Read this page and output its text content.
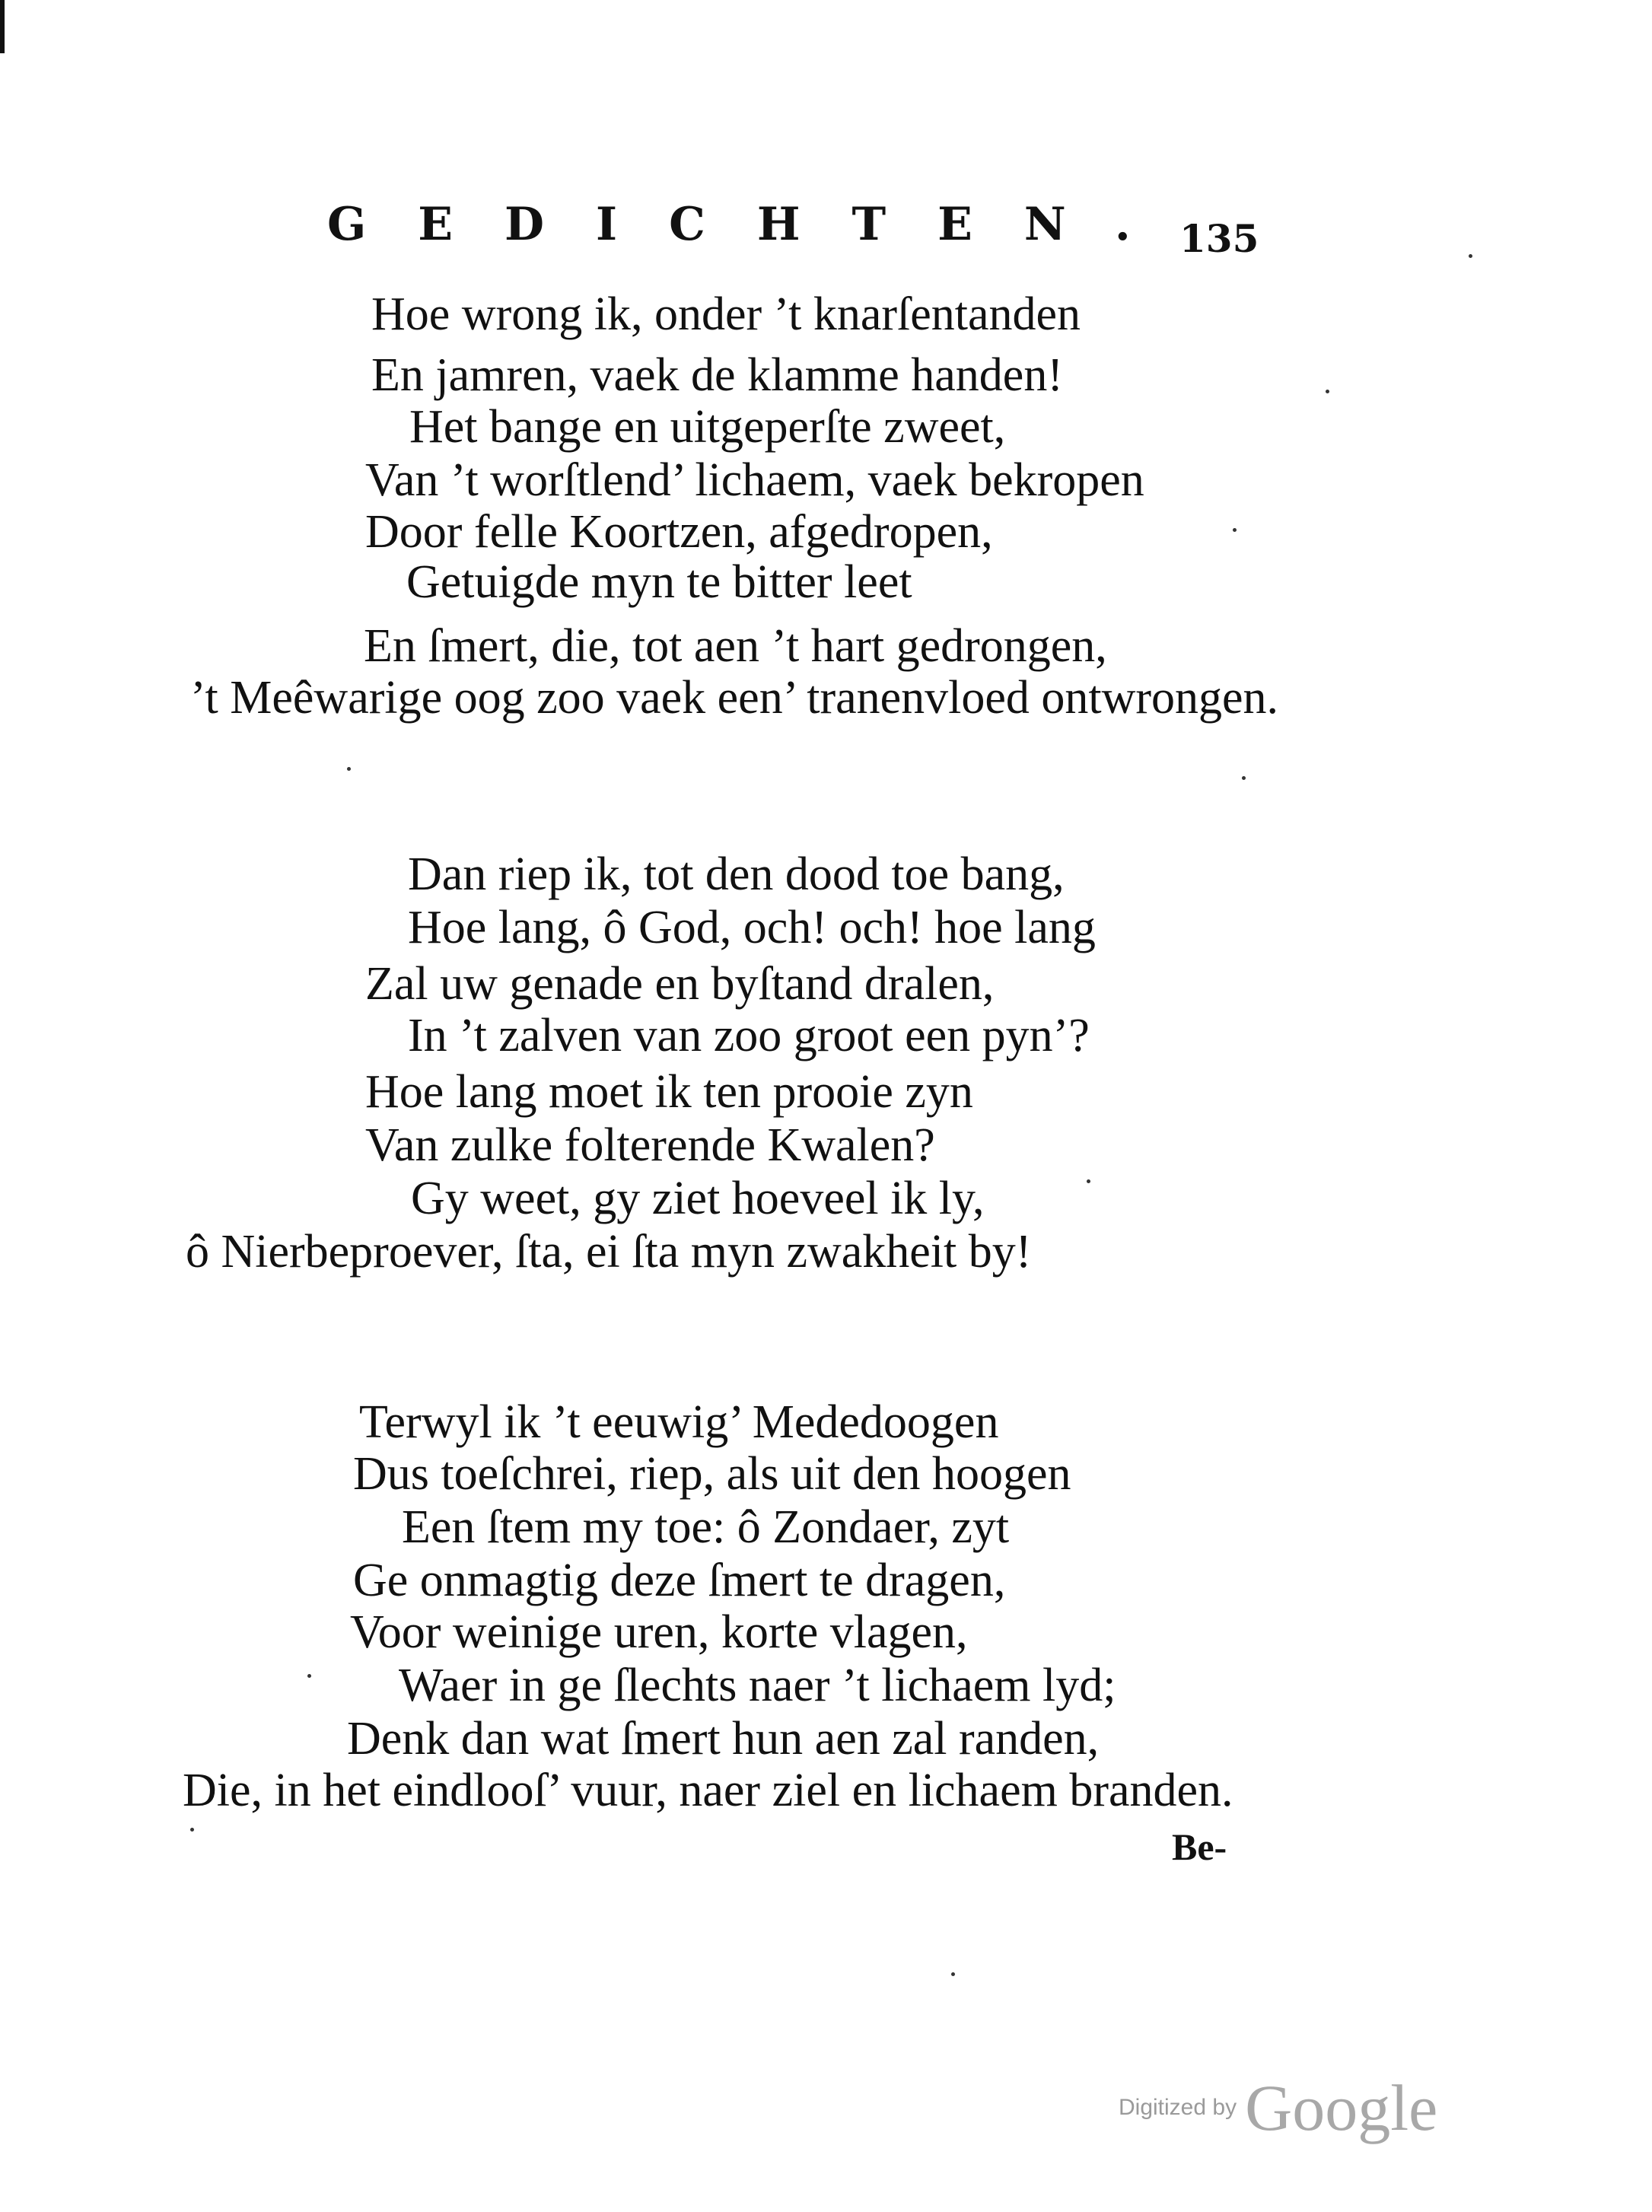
GEDICHTEN.
135
Hoe wrong ik, onder ’t knarſentanden
En jamren, vaek de klamme handen!
Het bange en uitgeperſte zweet,
Van ’t worſtlend’ lichaem, vaek bekropen
Door felle Koortzen, afgedropen,
Getuigde myn te bitter leet
En ſmert, die, tot aen ’t hart gedrongen,
’t Meêwarige oog zoo vaek een’ tranenvloed ontwrongen.
Dan riep ik, tot den dood toe bang,
Hoe lang, ô God, och! och! hoe lang
Zal uw genade en byſtand dralen,
In ’t zalven van zoo groot een pyn’?
Hoe lang moet ik ten prooie zyn
Van zulke folterende Kwalen?
Gy weet, gy ziet hoeveel ik ly,
ô Nierbeproever, ſta, ei ſta myn zwakheit by!
Terwyl ik ’t eeuwig’ Mededoogen
Dus toeſchrei, riep, als uit den hoogen
Een ſtem my toe: ô Zondaer, zyt
Ge onmagtig deze ſmert te dragen,
Voor weinige uren, korte vlagen,
Waer in ge ſlechts naer ’t lichaem lyd;
Denk dan wat ſmert hun aen zal randen,
Die, in het eindlooſ’ vuur, naer ziel en lichaem branden.
Be-
Digitized by Google
